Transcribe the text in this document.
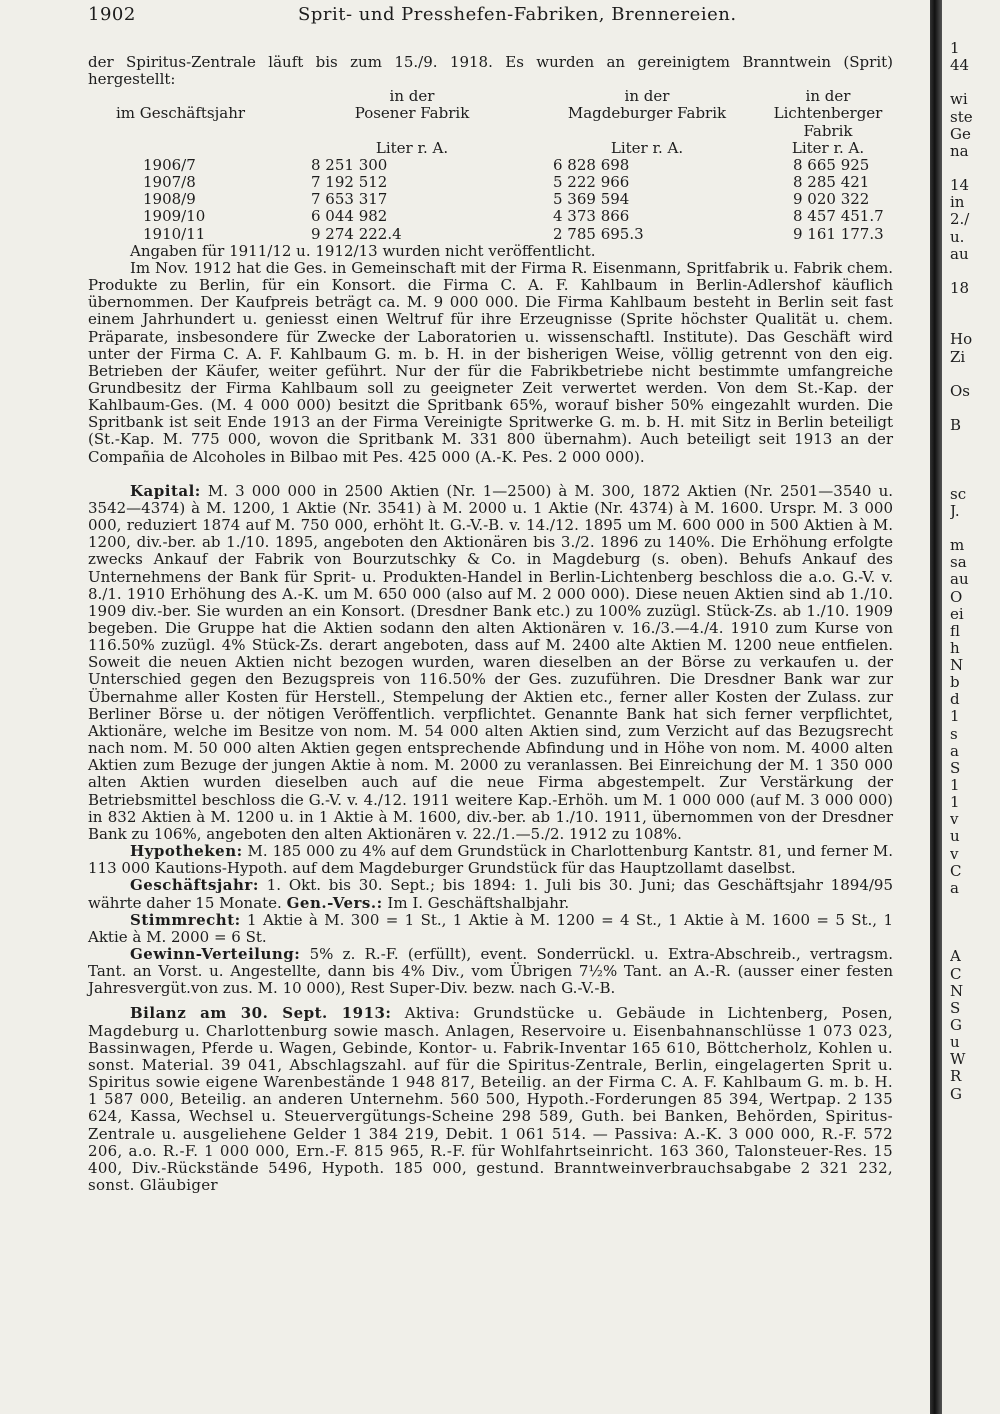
1902	Sprit- und Presshefen-Fabriken, Brennereien.

der Spiritus-Zentrale läuft bis zum 15./9. 1918. Es wurden an gereinigtem Branntwein (Sprit) hergestellt:

	in der	in der	in der
im Geschäftsjahr	Posener Fabrik	Magdeburger Fabrik	Lichtenberger Fabrik
	Liter r. A.	Liter r. A.	Liter r. A.
1906/7	8 251 300	6 828 698	8 665 925
1907/8	7 192 512	5 222 966	8 285 421
1908/9	7 653 317	5 369 594	9 020 322
1909/10	6 044 982	4 373 866	8 457 451.7
1910/11	9 274 222.4	2 785 695.3	9 161 177.3

Angaben für 1911/12 u. 1912/13 wurden nicht veröffentlicht.

Im Nov. 1912 hat die Ges. in Gemeinschaft mit der Firma R. Eisenmann, Spritfabrik u. Fabrik chem. Produkte zu Berlin, für ein Konsort. die Firma C. A. F. Kahlbaum in Berlin-Adlershof käuflich übernommen. Der Kaufpreis beträgt ca. M. 9 000 000. Die Firma Kahlbaum besteht in Berlin seit fast einem Jahrhundert u. geniesst einen Weltruf für ihre Erzeugnisse (Sprite höchster Qualität u. chem. Präparate, insbesondere für Zwecke der Laboratorien u. wissenschaftl. Institute). Das Geschäft wird unter der Firma C. A. F. Kahlbaum G. m. b. H. in der bisherigen Weise, völlig getrennt von den eig. Betrieben der Käufer, weiter geführt. Nur der für die Fabrikbetriebe nicht bestimmte umfangreiche Grundbesitz der Firma Kahlbaum soll zu geeigneter Zeit verwertet werden. Von dem St.-Kap. der Kahlbaum-Ges. (M. 4 000 000) besitzt die Spritbank 65%, worauf bisher 50% eingezahlt wurden. Die Spritbank ist seit Ende 1913 an der Firma Vereinigte Spritwerke G. m. b. H. mit Sitz in Berlin beteiligt (St.-Kap. M. 775 000, wovon die Spritbank M. 331 800 übernahm). Auch beteiligt seit 1913 an der Compañia de Alcoholes in Bilbao mit Pes. 425 000 (A.-K. Pes. 2 000 000).

Kapital: M. 3 000 000 in 2500 Aktien (Nr. 1—2500) à M. 300, 1872 Aktien (Nr. 2501—3540 u. 3542—4374) à M. 1200, 1 Aktie (Nr. 3541) à M. 2000 u. 1 Aktie (Nr. 4374) à M. 1600. Urspr. M. 3 000 000, reduziert 1874 auf M. 750 000, erhöht lt. G.-V.-B. v. 14./12. 1895 um M. 600 000 in 500 Aktien à M. 1200, div.-ber. ab 1./10. 1895, angeboten den Aktionären bis 3./2. 1896 zu 140%. Die Erhöhung erfolgte zwecks Ankauf der Fabrik von Bourzutschky & Co. in Magdeburg (s. oben). Behufs Ankauf des Unternehmens der Bank für Sprit- u. Produkten-Handel in Berlin-Lichtenberg beschloss die a.o. G.-V. v. 8./1. 1910 Erhöhung des A.-K. um M. 650 000 (also auf M. 2 000 000). Diese neuen Aktien sind ab 1./10. 1909 div.-ber. Sie wurden an ein Konsort. (Dresdner Bank etc.) zu 100% zuzügl. Stück-Zs. ab 1./10. 1909 begeben. Die Gruppe hat die Aktien sodann den alten Aktionären v. 16./3.—4./4. 1910 zum Kurse von 116.50% zuzügl. 4% Stück-Zs. derart angeboten, dass auf M. 2400 alte Aktien M. 1200 neue entfielen. Soweit die neuen Aktien nicht bezogen wurden, waren dieselben an der Börse zu verkaufen u. der Unterschied gegen den Bezugspreis von 116.50% der Ges. zuzuführen. Die Dresdner Bank war zur Übernahme aller Kosten für Herstell., Stempelung der Aktien etc., ferner aller Kosten der Zulass. zur Berliner Börse u. der nötigen Veröffentlich. verpflichtet. Genannte Bank hat sich ferner verpflichtet, Aktionäre, welche im Besitze von nom. M. 54 000 alten Aktien sind, zum Verzicht auf das Bezugsrecht nach nom. M. 50 000 alten Aktien gegen entsprechende Abfindung und in Höhe von nom. M. 4000 alten Aktien zum Bezuge der jungen Aktie à nom. M. 2000 zu veranlassen. Bei Einreichung der M. 1 350 000 alten Aktien wurden dieselben auch auf die neue Firma abgestempelt. Zur Verstärkung der Betriebsmittel beschloss die G.-V. v. 4./12. 1911 weitere Kap.-Erhöh. um M. 1 000 000 (auf M. 3 000 000) in 832 Aktien à M. 1200 u. in 1 Aktie à M. 1600, div.-ber. ab 1./10. 1911, übernommen von der Dresdner Bank zu 106%, angeboten den alten Aktionären v. 22./1.—5./2. 1912 zu 108%.

Hypotheken: M. 185 000 zu 4% auf dem Grundstück in Charlottenburg Kantstr. 81, und ferner M. 113 000 Kautions-Hypoth. auf dem Magdeburger Grundstück für das Hauptzollamt daselbst.

Geschäftsjahr: 1. Okt. bis 30. Sept.; bis 1894: 1. Juli bis 30. Juni; das Geschäftsjahr 1894/95 währte daher 15 Monate. Gen.-Vers.: Im I. Geschäftshalbjahr.

Stimmrecht: 1 Aktie à M. 300 = 1 St., 1 Aktie à M. 1200 = 4 St., 1 Aktie à M. 1600 = 5 St., 1 Aktie à M. 2000 = 6 St.

Gewinn-Verteilung: 5% z. R.-F. (erfüllt), event. Sonderrückl. u. Extra-Abschreib., vertragsm. Tant. an Vorst. u. Angestellte, dann bis 4% Div., vom Übrigen 7½% Tant. an A.-R. (ausser einer festen Jahresvergüt.von zus. M. 10 000), Rest Super-Div. bezw. nach G.-V.-B.

Bilanz am 30. Sept. 1913: Aktiva: Grundstücke u. Gebäude in Lichtenberg, Posen, Magdeburg u. Charlottenburg sowie masch. Anlagen, Reservoire u. Eisenbahnanschlüsse 1 073 023, Bassinwagen, Pferde u. Wagen, Gebinde, Kontor- u. Fabrik-Inventar 165 610, Böttcherholz, Kohlen u. sonst. Material. 39 041, Abschlagszahl. auf für die Spiritus-Zentrale, Berlin, eingelagerten Sprit u. Spiritus sowie eigene Warenbestände 1 948 817, Beteilig. an der Firma C. A. F. Kahlbaum G. m. b. H. 1 587 000, Beteilig. an anderen Unternehm. 560 500, Hypoth.-Forderungen 85 394, Wertpap. 2 135 624, Kassa, Wechsel u. Steuervergütungs-Scheine 298 589, Guth. bei Banken, Behörden, Spiritus-Zentrale u. ausgeliehene Gelder 1 384 219, Debit. 1 061 514. — Passiva: A.-K. 3 000 000, R.-F. 572 206, a.o. R.-F. 1 000 000, Ern.-F. 815 965, R.-F. für Wohlfahrtseinricht. 163 360, Talonsteuer-Res. 15 400, Div.-Rückstände 5496, Hypoth. 185 000, gestund. Branntweinverbrauchsabgabe 2 321 232, sonst. Gläubiger

1
44
wi
ste
Ge
na
14
in
2./
u.
au
18
Ho
Zi
Os
B
sc
J.
m
sa
au
O
ei
fl
h
N
b
d
1
s
a
S
1
1
v
u
v
C
a
A
C
N
S
G
u
W
R
G
